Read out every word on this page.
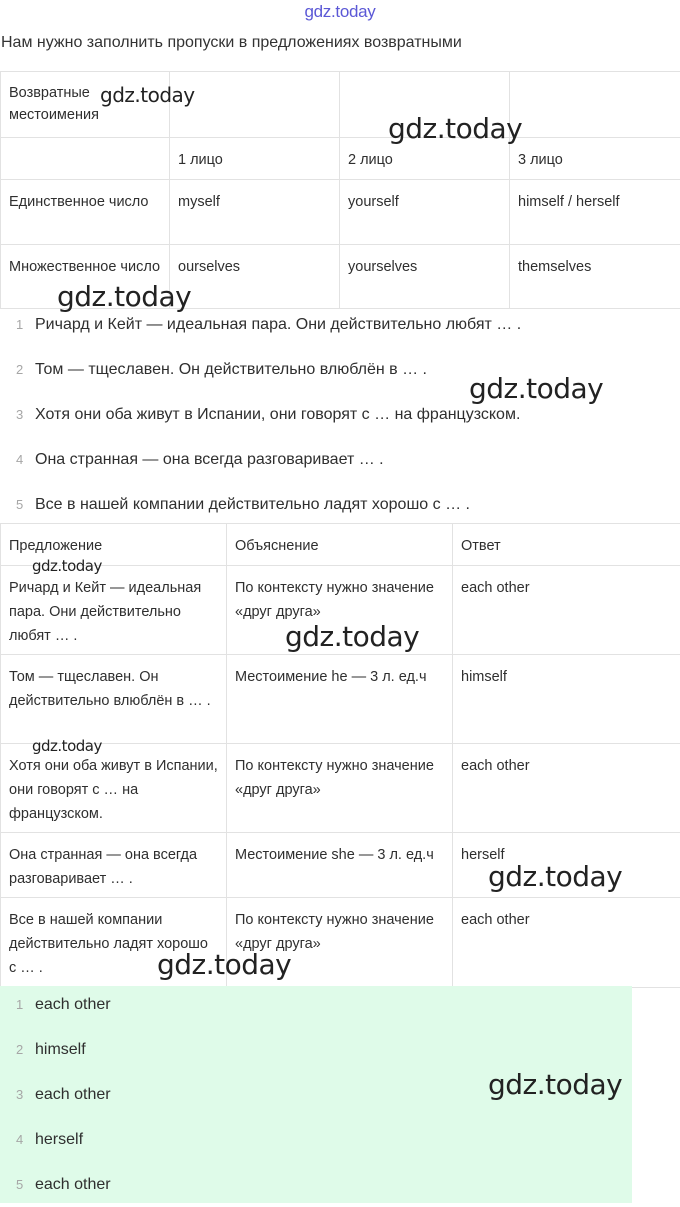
gdz.today
Нам нужно заполнить пропуски в предложениях возвратными
Возвратные местоимения			
	1 лицо	2 лицо	3 лицо
Единственное число	myself	yourself	himself / herself
Множественное число	ourselves	yourselves	themselves
1 Ричард и Кейт — идеальная пара. Они действительно любят … .
2 Том — тщеславен. Он действительно влюблён в … .
3 Хотя они оба живут в Испании, они говорят с … на французском.
4 Она странная — она всегда разговаривает … .
5 Все в нашей компании действительно ладят хорошо с … .
Предложение	Объяснение	Ответ
Ричард и Кейт — идеальная пара. Они действительно любят … .	По контексту нужно значение «друг друга»	each other
Том — тщеславен. Он действительно влюблён в … .	Местоимение he — 3 л. ед.ч	himself
Хотя они оба живут в Испании, они говорят с … на французском.	По контексту нужно значение «друг друга»	each other
Она странная — она всегда разговаривает … .	Местоимение she — 3 л. ед.ч	herself
Все в нашей компании действительно ладят хорошо с … .	По контексту нужно значение «друг друга»	each other
1 each other
2 himself
3 each other
4 herself
5 each other
gdz.today
gdz.today
gdz.today
gdz.today
gdz.today
gdz.today
gdz.today
gdz.today
gdz.today
gdz.today
